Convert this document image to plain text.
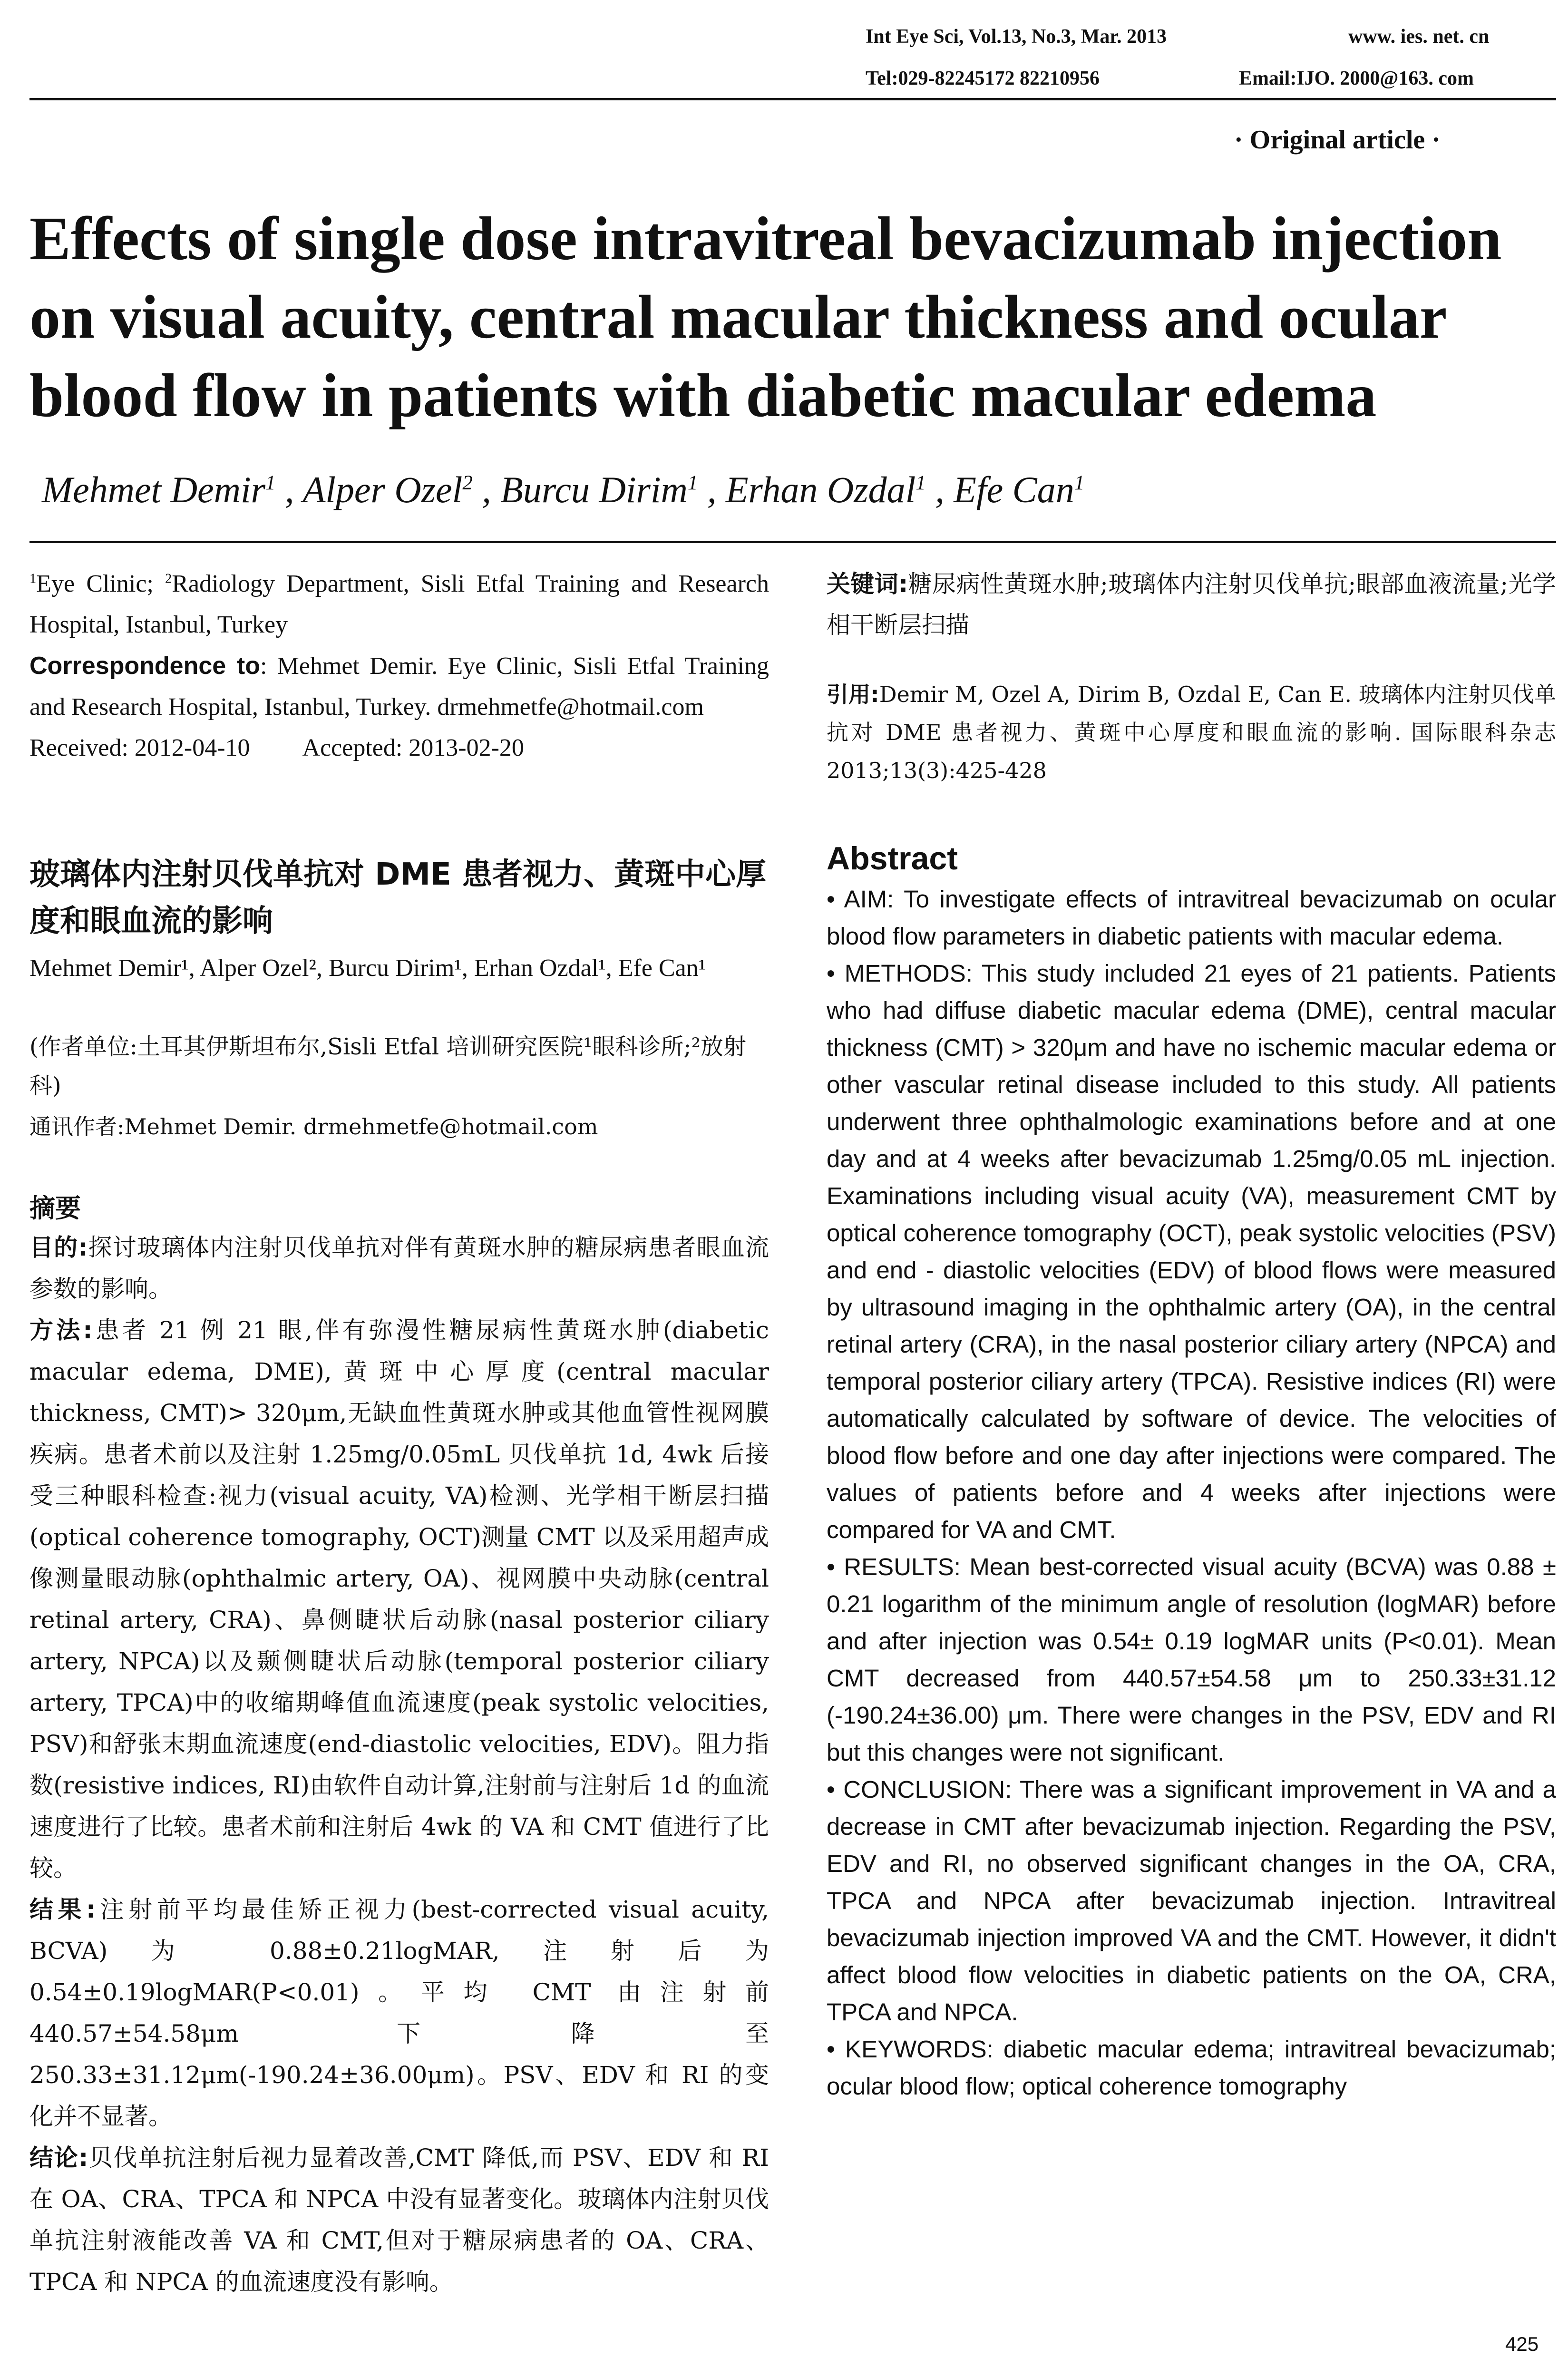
Int Eye Sci, Vol.13, No.3, Mar. 2013	www. ies. net. cn
Tel:029-82245172 82210956	Email:IJO. 2000@163. com
· Original article ·
Effects of single dose intravitreal bevacizumab injection on visual acuity, central macular thickness and ocular blood flow in patients with diabetic macular edema
Mehmet Demir$^1$ , Alper Ozel$^2$ , Burcu Dirim$^1$ , Erhan Ozdal$^1$ , Efe Can$^1$
$^1$Eye Clinic; $^2$Radiology Department, Sisli Etfal Training and Research Hospital, Istanbul, Turkey
Correspondence to: Mehmet Demir. Eye Clinic, Sisli Etfal Training and Research Hospital, Istanbul, Turkey. drmehmetfe@hotmail.com
Received: 2012-04-10 Accepted: 2013-02-20
玻璃体内注射贝伐单抗对 DME 患者视力、黄斑中心厚度和眼血流的影响
Mehmet Demir¹, Alper Ozel², Burcu Dirim¹, Erhan Ozdal¹, Efe Can¹
(作者单位:土耳其伊斯坦布尔,Sisli Etfal 培训研究医院¹眼科诊所;²放射科)
通讯作者:Mehmet Demir. drmehmetfe@hotmail.com
摘要
目的:探讨玻璃体内注射贝伐单抗对伴有黄斑水肿的糖尿病患者眼血流参数的影响。
方法:患者 21 例 21 眼,伴有弥漫性糖尿病性黄斑水肿(diabetic macular edema, DME),黄斑中心厚度(central macular thickness, CMT)> 320μm,无缺血性黄斑水肿或其他血管性视网膜疾病。患者术前以及注射 1.25mg/0.05mL 贝伐单抗 1d, 4wk 后接受三种眼科检查:视力(visual acuity, VA)检测、光学相干断层扫描(optical coherence tomography, OCT)测量 CMT 以及采用超声成像测量眼动脉(ophthalmic artery, OA)、视网膜中央动脉(central retinal artery, CRA)、鼻侧睫状后动脉(nasal posterior ciliary artery, NPCA)以及颞侧睫状后动脉(temporal posterior ciliary artery, TPCA)中的收缩期峰值血流速度(peak systolic velocities, PSV)和舒张末期血流速度(end-diastolic velocities, EDV)。阻力指数(resistive indices, RI)由软件自动计算,注射前与注射后 1d 的血流速度进行了比较。患者术前和注射后 4wk 的 VA 和 CMT 值进行了比较。
结果:注射前平均最佳矫正视力(best-corrected visual acuity, BCVA)为 0.88±0.21logMAR,注射后为 0.54±0.19logMAR(P<0.01)。平均 CMT 由注射前 440.57±54.58μm 下降至 250.33±31.12μm(-190.24±36.00μm)。PSV、EDV 和 RI 的变化并不显著。
结论:贝伐单抗注射后视力显着改善,CMT 降低,而 PSV、EDV 和 RI 在 OA、CRA、TPCA 和 NPCA 中没有显著变化。玻璃体内注射贝伐单抗注射液能改善 VA 和 CMT,但对于糖尿病患者的 OA、CRA、TPCA 和 NPCA 的血流速度没有影响。
关键词:糖尿病性黄斑水肿;玻璃体内注射贝伐单抗;眼部血液流量;光学相干断层扫描
引用:Demir M, Ozel A, Dirim B, Ozdal E, Can E. 玻璃体内注射贝伐单抗对 DME 患者视力、黄斑中心厚度和眼血流的影响. 国际眼科杂志 2013;13(3):425-428
Abstract

• AIM: To investigate effects of intravitreal bevacizumab on ocular blood flow parameters in diabetic patients with macular edema.

• METHODS: This study included 21 eyes of 21 patients. Patients who had diffuse diabetic macular edema (DME), central macular thickness (CMT) > 320μm and have no ischemic macular edema or other vascular retinal disease included to this study. All patients underwent three ophthalmologic examinations before and at one day and at 4 weeks after bevacizumab 1.25mg/0.05 mL injection. Examinations including visual acuity (VA), measurement CMT by optical coherence tomography (OCT), peak systolic velocities (PSV) and end - diastolic velocities (EDV) of blood flows were measured by ultrasound imaging in the ophthalmic artery (OA), in the central retinal artery (CRA), in the nasal posterior ciliary artery (NPCA) and temporal posterior ciliary artery (TPCA). Resistive indices (RI) were automatically calculated by software of device. The velocities of blood flow before and one day after injections were compared. The values of patients before and 4 weeks after injections were compared for VA and CMT.

• RESULTS: Mean best-corrected visual acuity (BCVA) was 0.88 ± 0.21 logarithm of the minimum angle of resolution (logMAR) before and after injection was 0.54± 0.19 logMAR units (P<0.01). Mean CMT decreased from 440.57±54.58 μm to 250.33±31.12 (-190.24±36.00) μm. There were changes in the PSV, EDV and RI but this changes were not significant.

• CONCLUSION: There was a significant improvement in VA and a decrease in CMT after bevacizumab injection. Regarding the PSV, EDV and RI, no observed significant changes in the OA, CRA, TPCA and NPCA after bevacizumab injection. Intravitreal bevacizumab injection improved VA and the CMT. However, it didn't affect blood flow velocities in diabetic patients on the OA, CRA, TPCA and NPCA.

• KEYWORDS: diabetic macular edema; intravitreal bevacizumab; ocular blood flow; optical coherence tomography

425
